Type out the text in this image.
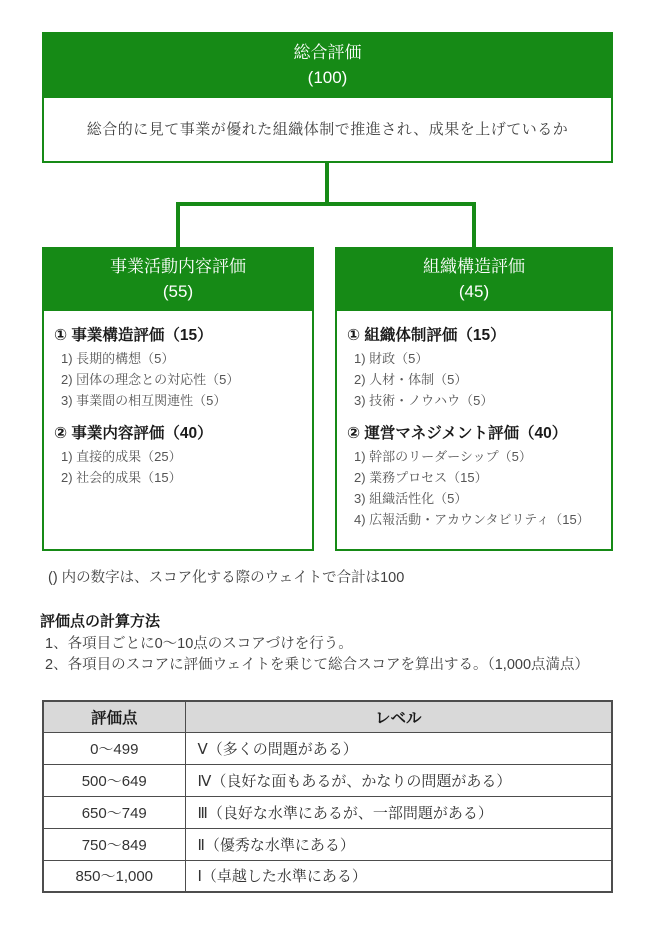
総合評価
(100)
総合的に見て事業が優れた組織体制で推進され、成果を上げているか
事業活動内容評価
(55)
① 事業構造評価（15）
1) 長期的構想（5）
2) 団体の理念との対応性（5）
3) 事業間の相互関連性（5）
② 事業内容評価（40）
1) 直接的成果（25）
2) 社会的成果（15）
組織構造評価
(45)
① 組織体制評価（15）
1) 財政（5）
2) 人材・体制（5）
3) 技術・ノウハウ（5）
② 運営マネジメント評価（40）
1) 幹部のリーダーシップ（5）
2) 業務プロセス（15）
3) 組織活性化（5）
4) 広報活動・アカウンタビリティ（15）
() 内の数字は、スコア化する際のウェイトで合計は100
評価点の計算方法
1、各項目ごとに0～10点のスコアづけを行う。
2、各項目のスコアに評価ウェイトを乗じて総合スコアを算出する。（1,000点満点）
評価点	レベル
0～499	Ⅴ（多くの問題がある）
500～649	Ⅳ（良好な面もあるが、かなりの問題がある）
650～749	Ⅲ（良好な水準にあるが、一部問題がある）
750～849	Ⅱ（優秀な水準にある）
850～1,000	Ⅰ（卓越した水準にある）
